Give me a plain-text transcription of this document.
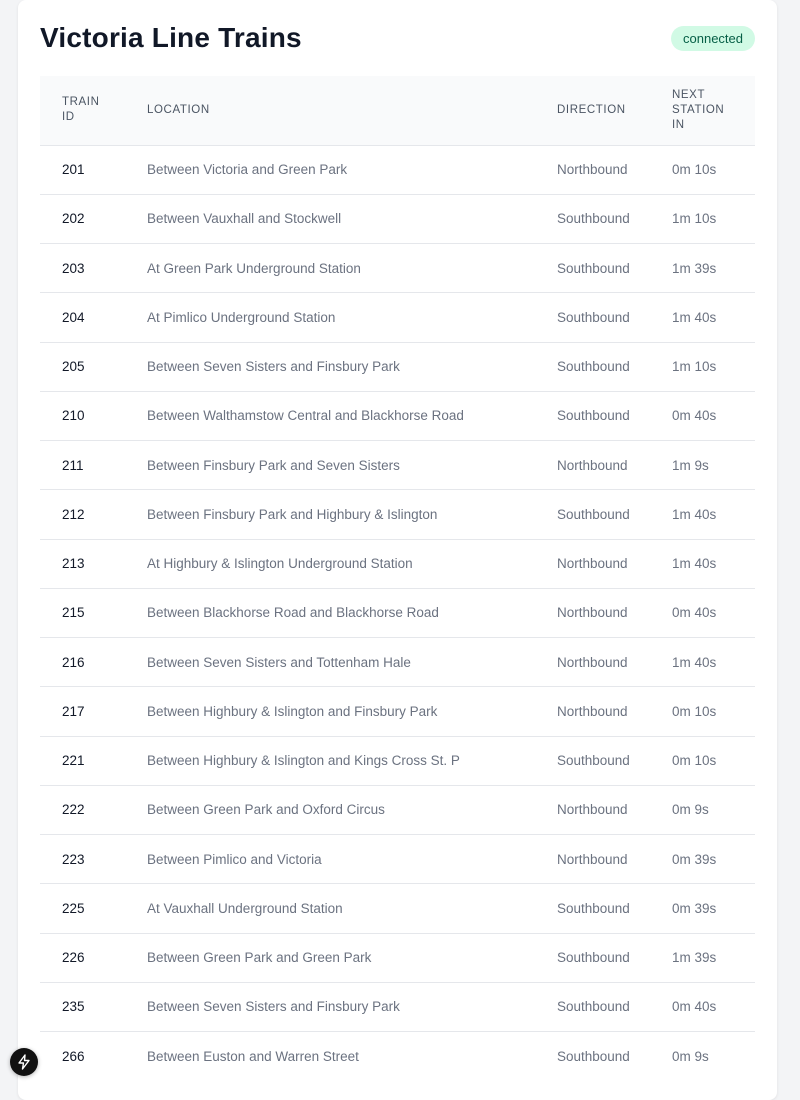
Victoria Line Trains	connected
TRAIN ID	LOCATION	DIRECTION	NEXT STATION IN

201	Between Victoria and Green Park	Northbound	0m 10s
202	Between Vauxhall and Stockwell	Southbound	1m 10s
203	At Green Park Underground Station	Southbound	1m 39s
204	At Pimlico Underground Station	Southbound	1m 40s
205	Between Seven Sisters and Finsbury Park	Southbound	1m 10s
210	Between Walthamstow Central and Blackhorse Road	Southbound	0m 40s
211	Between Finsbury Park and Seven Sisters	Northbound	1m 9s
212	Between Finsbury Park and Highbury & Islington	Southbound	1m 40s
213	At Highbury & Islington Underground Station	Northbound	1m 40s
215	Between Blackhorse Road and Blackhorse Road	Northbound	0m 40s
216	Between Seven Sisters and Tottenham Hale	Northbound	1m 40s
217	Between Highbury & Islington and Finsbury Park	Northbound	0m 10s
221	Between Highbury & Islington and Kings Cross St. P	Southbound	0m 10s
222	Between Green Park and Oxford Circus	Northbound	0m 9s
223	Between Pimlico and Victoria	Northbound	0m 39s
225	At Vauxhall Underground Station	Southbound	0m 39s
226	Between Green Park and Green Park	Southbound	1m 39s
235	Between Seven Sisters and Finsbury Park	Southbound	0m 40s
266	Between Euston and Warren Street	Southbound	0m 9s
